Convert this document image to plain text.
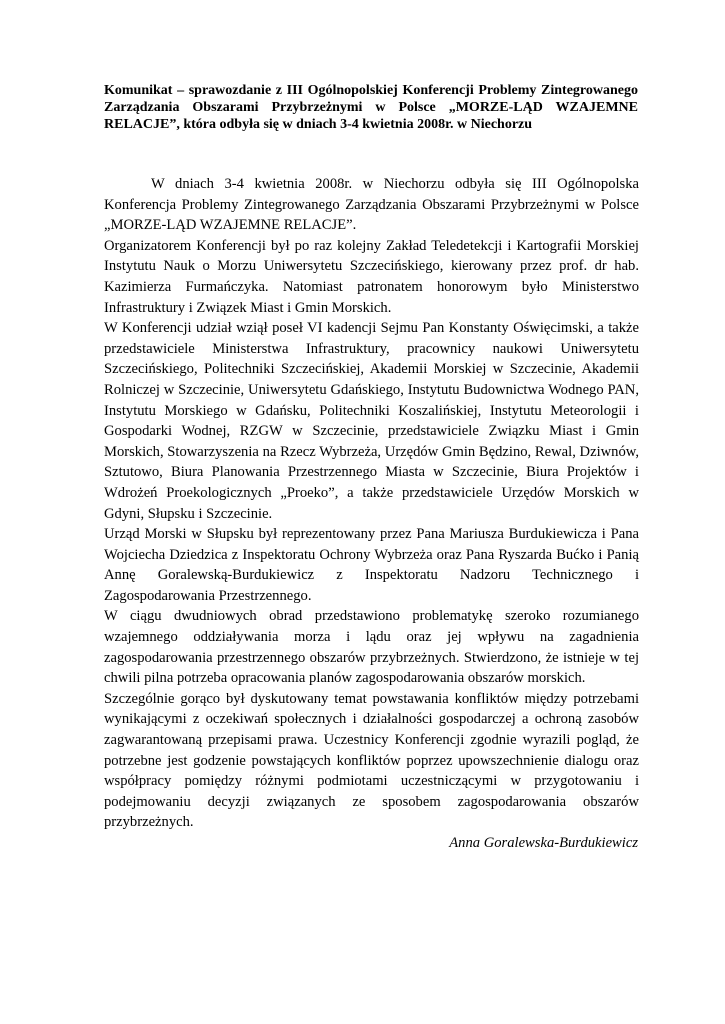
Komunikat – sprawozdanie z III Ogólnopolskiej Konferencji Problemy Zintegrowanego Zarządzania Obszarami Przybrzeżnymi w Polsce „MORZE-LĄD WZAJEMNE RELACJE”, która odbyła się w dniach 3-4 kwietnia 2008r. w Niechorzu

W dniach 3-4 kwietnia 2008r. w Niechorzu odbyła się III Ogólnopolska Konferencja Problemy Zintegrowanego Zarządzania Obszarami Przybrzeżnymi w Polsce „MORZE-LĄD WZAJEMNE RELACJE”.

Organizatorem Konferencji był po raz kolejny Zakład Teledetekcji i Kartografii Morskiej Instytutu Nauk o Morzu Uniwersytetu Szczecińskiego, kierowany przez prof. dr hab. Kazimierza Furmańczyka. Natomiast patronatem honorowym było Ministerstwo Infrastruktury i Związek Miast i Gmin Morskich.

W Konferencji udział wziął poseł VI kadencji Sejmu Pan Konstanty Oświęcimski, a także przedstawiciele Ministerstwa Infrastruktury, pracownicy naukowi Uniwersytetu Szczecińskiego, Politechniki Szczecińskiej, Akademii Morskiej w Szczecinie, Akademii Rolniczej w Szczecinie, Uniwersytetu Gdańskiego, Instytutu Budownictwa Wodnego PAN, Instytutu Morskiego w Gdańsku, Politechniki Koszalińskiej, Instytutu Meteorologii i Gospodarki Wodnej, RZGW w Szczecinie, przedstawiciele Związku Miast i Gmin Morskich, Stowarzyszenia na Rzecz Wybrzeża, Urzędów Gmin Będzino, Rewal, Dziwnów, Sztutowo, Biura Planowania Przestrzennego Miasta w Szczecinie, Biura Projektów i Wdrożeń Proekologicznych „Proeko”, a także przedstawiciele Urzędów Morskich w Gdyni, Słupsku i Szczecinie.

Urząd Morski w Słupsku był reprezentowany przez Pana Mariusza Burdukiewicza i Pana Wojciecha Dziedzica z Inspektoratu Ochrony Wybrzeża oraz Pana Ryszarda Bućko i Panią Annę Goralewską-Burdukiewicz z Inspektoratu Nadzoru Technicznego i Zagospodarowania Przestrzennego.

W ciągu dwudniowych obrad przedstawiono problematykę szeroko rozumianego wzajemnego oddziaływania morza i lądu oraz jej wpływu na zagadnienia zagospodarowania przestrzennego obszarów przybrzeżnych. Stwierdzono, że istnieje w tej chwili pilna potrzeba opracowania planów zagospodarowania obszarów morskich.

Szczególnie gorąco był dyskutowany temat powstawania konfliktów między potrzebami wynikającymi z oczekiwań społecznych i działalności gospodarczej a ochroną zasobów zagwarantowaną przepisami prawa. Uczestnicy Konferencji zgodnie wyrazili pogląd, że potrzebne jest godzenie powstających konfliktów poprzez upowszechnienie dialogu oraz współpracy pomiędzy różnymi podmiotami uczestniczącymi w przygotowaniu i podejmowaniu decyzji związanych ze sposobem zagospodarowania obszarów przybrzeżnych.

Anna Goralewska-Burdukiewicz
